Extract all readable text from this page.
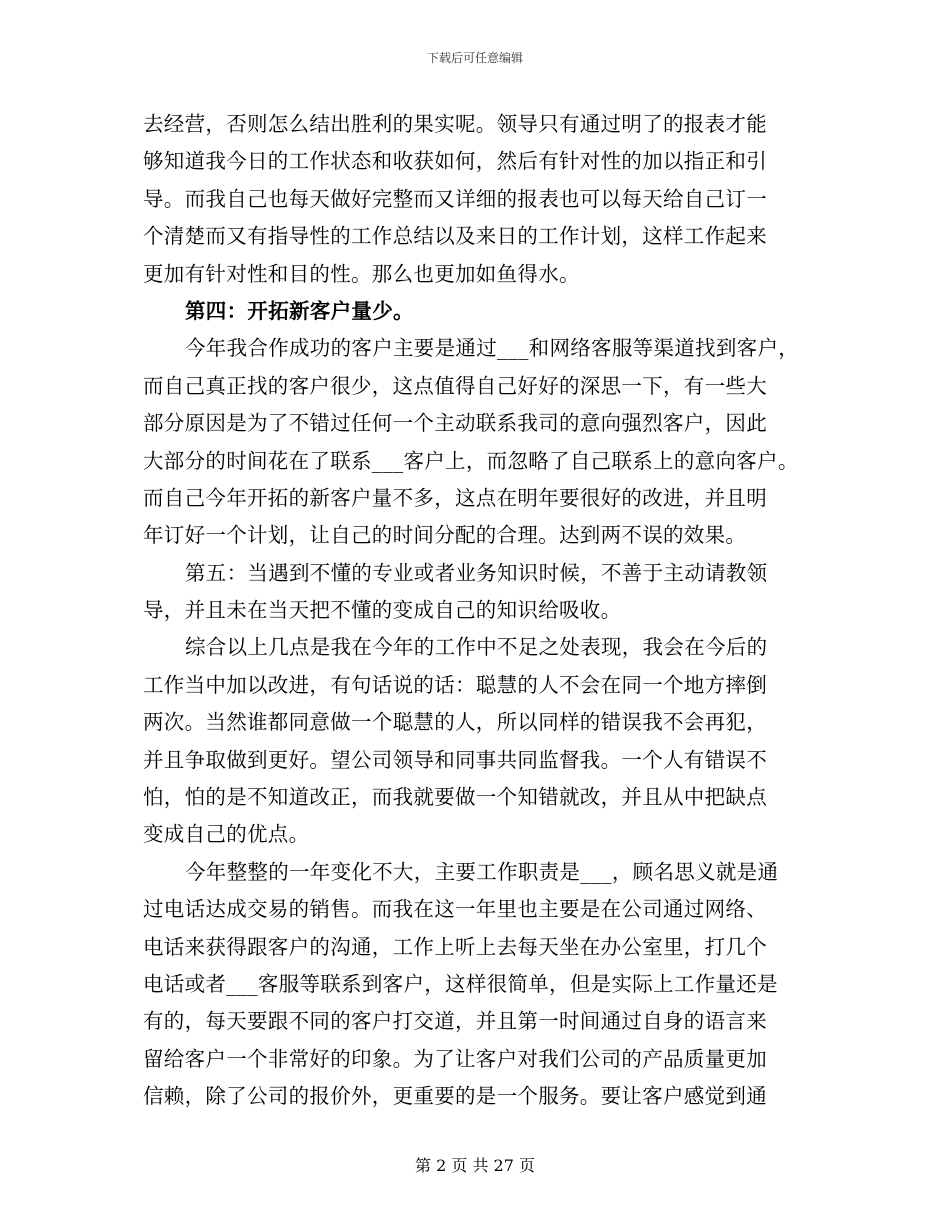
下载后可任意编辑
去经营，否则怎么结出胜利的果实呢。领导只有通过明了的报表才能
够知道我今日的工作状态和收获如何，然后有针对性的加以指正和引
导。而我自己也每天做好完整而又详细的报表也可以每天给自己订一
个清楚而又有指导性的工作总结以及来日的工作计划，这样工作起来
更加有针对性和目的性。那么也更加如鱼得水。
第四：开拓新客户量少。
今年我合作成功的客户主要是通过___和网络客服等渠道找到客户，
而自己真正找的客户很少，这点值得自己好好的深思一下，有一些大
部分原因是为了不错过任何一个主动联系我司的意向强烈客户，因此
大部分的时间花在了联系___客户上，而忽略了自己联系上的意向客户。
而自己今年开拓的新客户量不多，这点在明年要很好的改进，并且明
年订好一个计划，让自己的时间分配的合理。达到两不误的效果。
第五：当遇到不懂的专业或者业务知识时候，不善于主动请教领
导，并且未在当天把不懂的变成自己的知识给吸收。
综合以上几点是我在今年的工作中不足之处表现，我会在今后的
工作当中加以改进，有句话说的话：聪慧的人不会在同一个地方摔倒
两次。当然谁都同意做一个聪慧的人，所以同样的错误我不会再犯，
并且争取做到更好。望公司领导和同事共同监督我。一个人有错误不
怕，怕的是不知道改正，而我就要做一个知错就改，并且从中把缺点
变成自己的优点。
今年整整的一年变化不大，主要工作职责是___，顾名思义就是通
过电话达成交易的销售。而我在这一年里也主要是在公司通过网络、
电话来获得跟客户的沟通，工作上听上去每天坐在办公室里，打几个
电话或者___客服等联系到客户，这样很简单，但是实际上工作量还是
有的，每天要跟不同的客户打交道，并且第一时间通过自身的语言来
留给客户一个非常好的印象。为了让客户对我们公司的产品质量更加
信赖，除了公司的报价外，更重要的是一个服务。要让客户感觉到通
第 2 页 共 27 页
